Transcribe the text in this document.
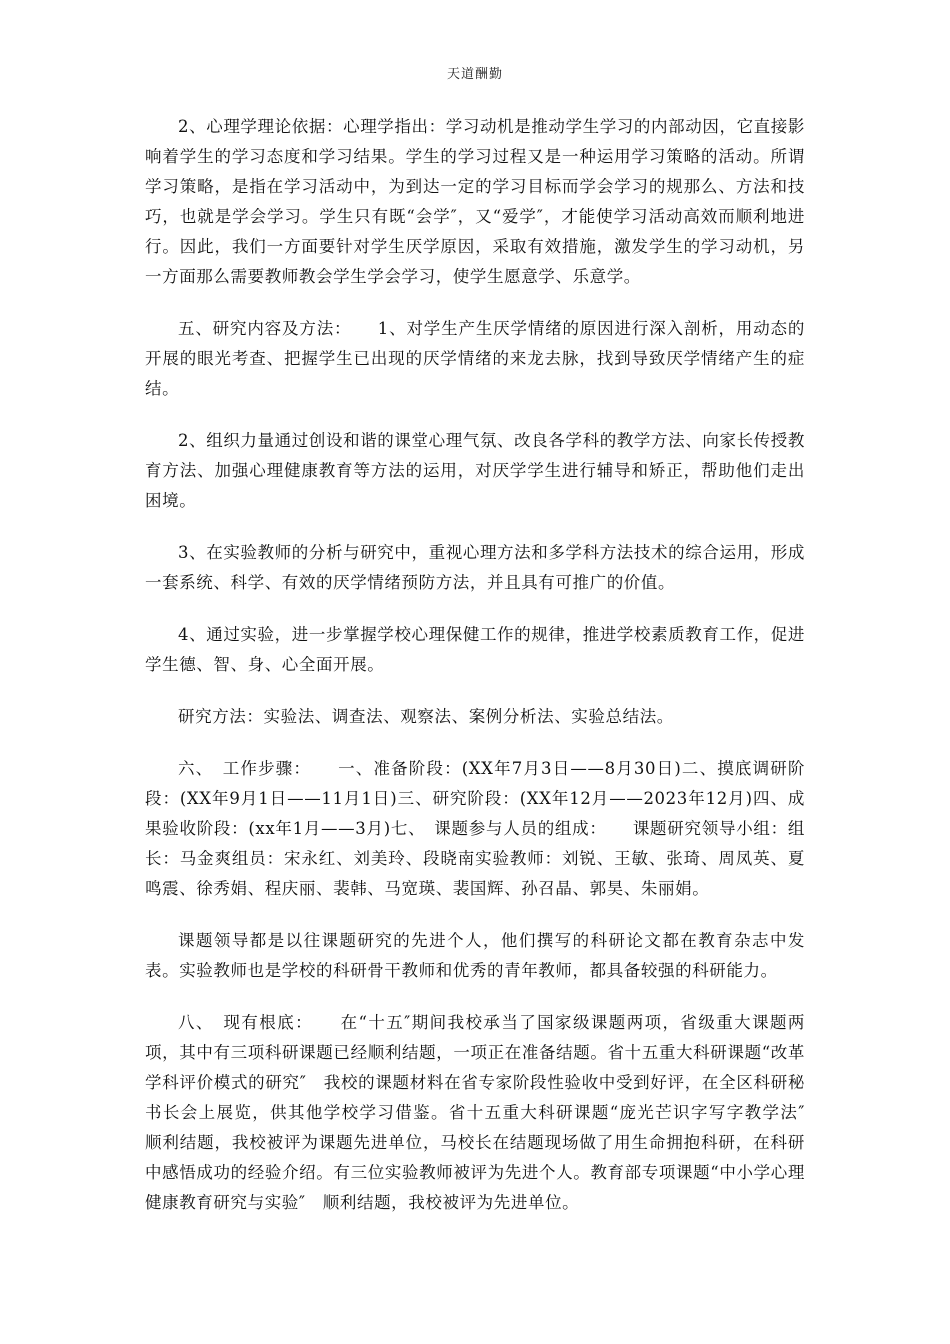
天道酬勤

2、心理学理论依据：心理学指出：学习动机是推动学生学习的内部动因，它直接影响着学生的学习态度和学习结果。学生的学习过程又是一种运用学习策略的活动。所谓学习策略，是指在学习活动中，为到达一定的学习目标而学会学习的规那么、方法和技巧，也就是学会学习。学生只有既“会学″，又“爱学″，才能使学习活动高效而顺利地进行。因此，我们一方面要针对学生厌学原因，采取有效措施，激发学生的学习动机，另一方面那么需要教师教会学生学会学习，使学生愿意学、乐意学。

五、研究内容及方法：　　1、对学生产生厌学情绪的原因进行深入剖析，用动态的开展的眼光考查、把握学生已出现的厌学情绪的来龙去脉，找到导致厌学情绪产生的症结。

2、组织力量通过创设和谐的课堂心理气氛、改良各学科的教学方法、向家长传授教育方法、加强心理健康教育等方法的运用，对厌学学生进行辅导和矫正，帮助他们走出困境。

3、在实验教师的分析与研究中，重视心理方法和多学科方法技术的综合运用，形成一套系统、科学、有效的厌学情绪预防方法，并且具有可推广的价值。

4、通过实验，进一步掌握学校心理保健工作的规律，推进学校素质教育工作，促进学生德、智、身、心全面开展。

研究方法：实验法、调查法、观察法、案例分析法、实验总结法。

六、　工作步骤：　　一、准备阶段：(XX年7月3日——8月30日)二、摸底调研阶段：(XX年9月1日——11月1日)三、研究阶段：(XX年12月——2023年12月)四、成果验收阶段：(xx年1月——3月)七、　课题参与人员的组成：　　课题研究领导小组：组长：马金爽组员：宋永红、刘美玲、段晓南实验教师：刘锐、王敏、张琦、周凤英、夏鸣震、徐秀娟、程庆丽、裴韩、马宽瑛、裴国辉、孙召晶、郭昊、朱丽娟。

课题领导都是以往课题研究的先进个人，他们撰写的科研论文都在教育杂志中发表。实验教师也是学校的科研骨干教师和优秀的青年教师，都具备较强的科研能力。

八、　现有根底：　　在“十五″期间我校承当了国家级课题两项，省级重大课题两项，其中有三项科研课题已经顺利结题，一项正在准备结题。省十五重大科研课题“改革学科评价模式的研究″　我校的课题材料在省专家阶段性验收中受到好评，在全区科研秘书长会上展览，供其他学校学习借鉴。省十五重大科研课题“庞光芒识字写字教学法″　顺利结题，我校被评为课题先进单位，马校长在结题现场做了用生命拥抱科研，在科研中感悟成功的经验介绍。有三位实验教师被评为先进个人。教育部专项课题“中小学心理健康教育研究与实验″　顺利结题，我校被评为先进单位。
